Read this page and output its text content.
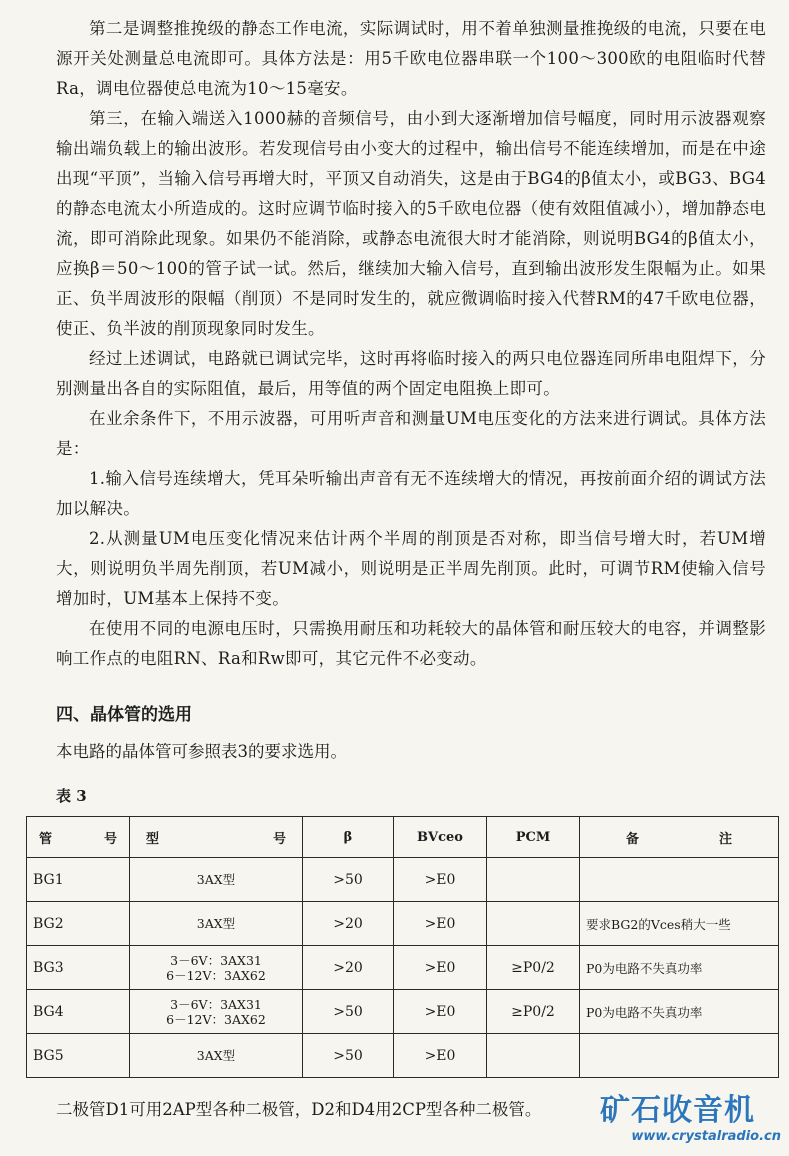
第二是调整推挽级的静态工作电流，实际调试时，用不着单独测量推挽级的电流，只要在电源开关处测量总电流即可。具体方法是：用5千欧电位器串联一个100～300欧的电阻临时代替Ra，调电位器使总电流为10～15毫安。

第三，在输入端送入1000赫的音频信号，由小到大逐渐增加信号幅度，同时用示波器观察输出端负载上的输出波形。若发现信号由小变大的过程中，输出信号不能连续增加，而是在中途出现“平顶”，当输入信号再增大时，平顶又自动消失，这是由于BG4的β值太小，或BG3、BG4的静态电流太小所造成的。这时应调节临时接入的5千欧电位器（使有效阻值减小），增加静态电流，即可消除此现象。如果仍不能消除，或静态电流很大时才能消除，则说明BG4的β值太小，应换β＝50～100的管子试一试。然后，继续加大输入信号，直到输出波形发生限幅为止。如果正、负半周波形的限幅（削顶）不是同时发生的，就应微调临时接入代替RM的47千欧电位器，使正、负半波的削顶现象同时发生。

经过上述调试，电路就已调试完毕，这时再将临时接入的两只电位器连同所串电阻焊下，分别测量出各自的实际阻值，最后，用等值的两个固定电阻换上即可。

在业余条件下，不用示波器，可用听声音和测量UM电压变化的方法来进行调试。具体方法是：

1.输入信号连续增大，凭耳朵听输出声音有无不连续增大的情况，再按前面介绍的调试方法加以解决。

2.从测量UM电压变化情况来估计两个半周的削顶是否对称，即当信号增大时，若UM增大，则说明负半周先削顶，若UM减小，则说明是正半周先削顶。此时，可调节RM使输入信号增加时，UM基本上保持不变。

在使用不同的电源电压时，只需换用耐压和功耗较大的晶体管和耐压较大的电容，并调整影响工作点的电阻RN、Ra和Rw即可，其它元件不必变动。

四、晶体管的选用

本电路的晶体管可参照表3的要求选用。

表 3
管 号	型 号	β	BVceo	PCM	备 注

BG1	3AX型	>50	>E0		
BG2	3AX型	>20	>E0		要求BG2的Vces稍大一些
BG3	3－6V：3AX31
6－12V：3AX62	>20	>E0	≥P0/2	P0为电路不失真功率
BG4	3－6V：3AX31
6－12V：3AX62	>50	>E0	≥P0/2	P0为电路不失真功率
BG5	3AX型	>50	>E0		

二极管D1可用2AP型各种二极管，D2和D4用2CP型各种二极管。 矿石收音机
www.crystalradio.cn
